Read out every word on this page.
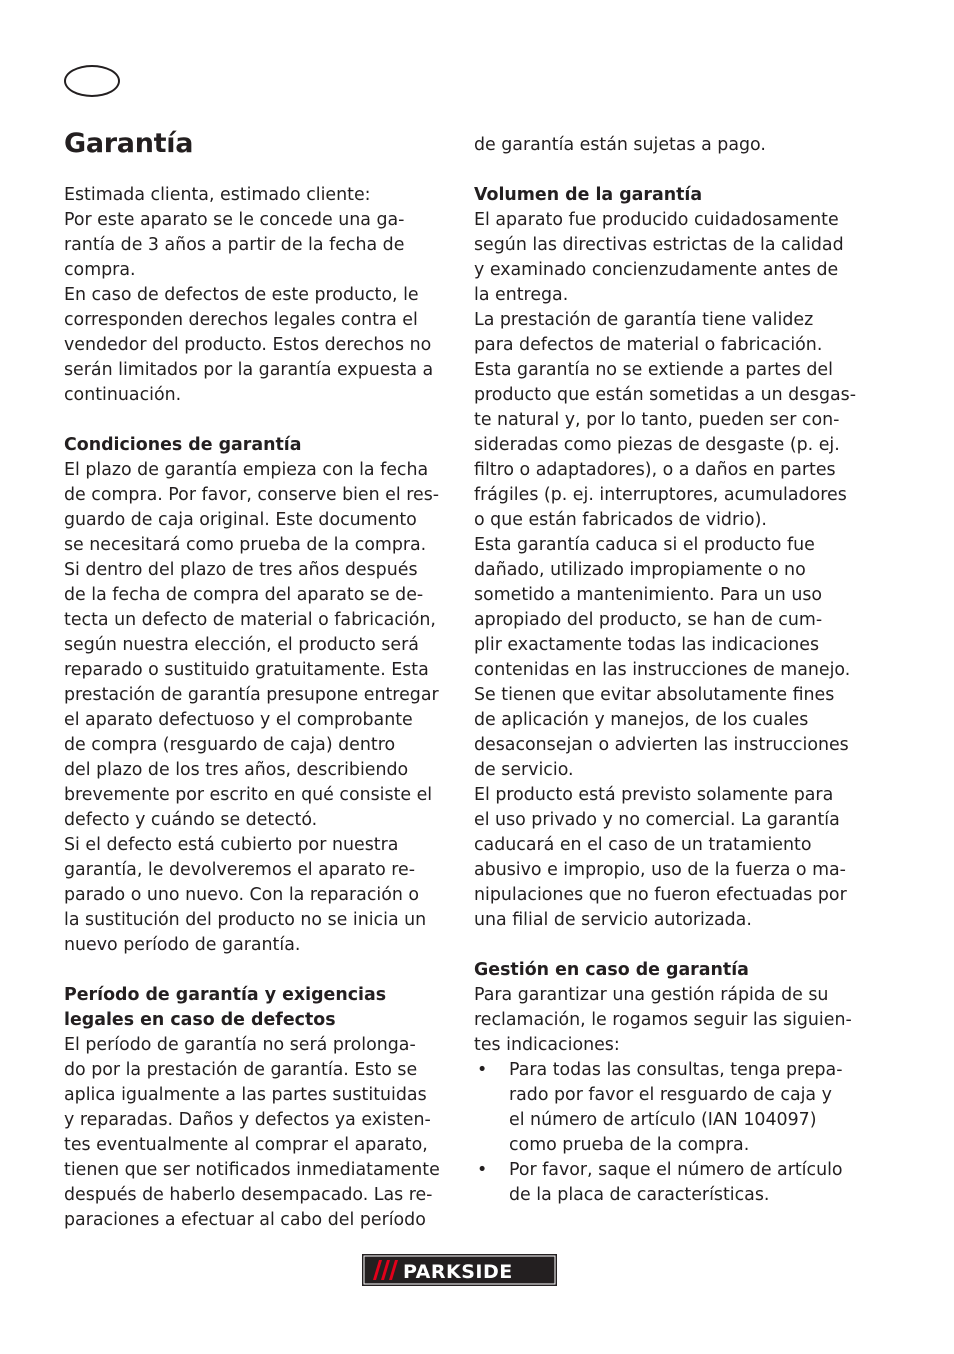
Garantía
Estimada clienta, estimado cliente:
Por este aparato se le concede una ga-
rantía de 3 años a partir de la fecha de
compra.
En caso de defectos de este producto, le
corresponden derechos legales contra el
vendedor del producto. Estos derechos no
serán limitados por la garantía expuesta a
continuación.
Condiciones de garantía
El plazo de garantía empieza con la fecha
de compra. Por favor, conserve bien el res-
guardo de caja original. Este documento
se necesitará como prueba de la compra.
Si dentro del plazo de tres años después
de la fecha de compra del aparato se de-
tecta un defecto de material o fabricación,
según nuestra elección, el producto será
reparado o sustituido gratuitamente. Esta
prestación de garantía presupone entregar
el aparato defectuoso y el comprobante
de compra (resguardo de caja) dentro
del plazo de los tres años, describiendo
brevemente por escrito en qué consiste el
defecto y cuándo se detectó.
Si el defecto está cubierto por nuestra
garantía, le devolveremos el aparato re-
parado o uno nuevo. Con la reparación o
la sustitución del producto no se inicia un
nuevo período de garantía.
Período de garantía y exigencias
legales en caso de defectos
El período de garantía no será prolonga-
do por la prestación de garantía. Esto se
aplica igualmente a las partes sustituidas
y reparadas. Daños y defectos ya existen-
tes eventualmente al comprar el aparato,
tienen que ser notificados inmediatamente
después de haberlo desempacado. Las re-
paraciones a efectuar al cabo del período
de garantía están sujetas a pago.
Volumen de la garantía
El aparato fue producido cuidadosamente
según las directivas estrictas de la calidad
y examinado concienzudamente antes de
la entrega.
La prestación de garantía tiene validez
para defectos de material o fabricación.
Esta garantía no se extiende a partes del
producto que están sometidas a un desgas-
te natural y, por lo tanto, pueden ser con-
sideradas como piezas de desgaste (p. ej.
filtro o adaptadores), o a daños en partes
frágiles (p. ej. interruptores, acumuladores
o que están fabricados de vidrio).
Esta garantía caduca si el producto fue
dañado, utilizado impropiamente o no
sometido a mantenimiento. Para un uso
apropiado del producto, se han de cum-
plir exactamente todas las indicaciones
contenidas en las instrucciones de manejo.
Se tienen que evitar absolutamente fines
de aplicación y manejos, de los cuales
desaconsejan o advierten las instrucciones
de servicio.
El producto está previsto solamente para
el uso privado y no comercial. La garantía
caducará en el caso de un tratamiento
abusivo e impropio, uso de la fuerza o ma-
nipulaciones que no fueron efectuadas por
una filial de servicio autorizada.
Gestión en caso de garantía
Para garantizar una gestión rápida de su
reclamación, le rogamos seguir las siguien-
tes indicaciones:
• Para todas las consultas, tenga prepa-
rado por favor el resguardo de caja y
el número de artículo (IAN 104097)
como prueba de la compra.
• Por favor, saque el número de artículo
de la placa de características.
PARKSIDE
